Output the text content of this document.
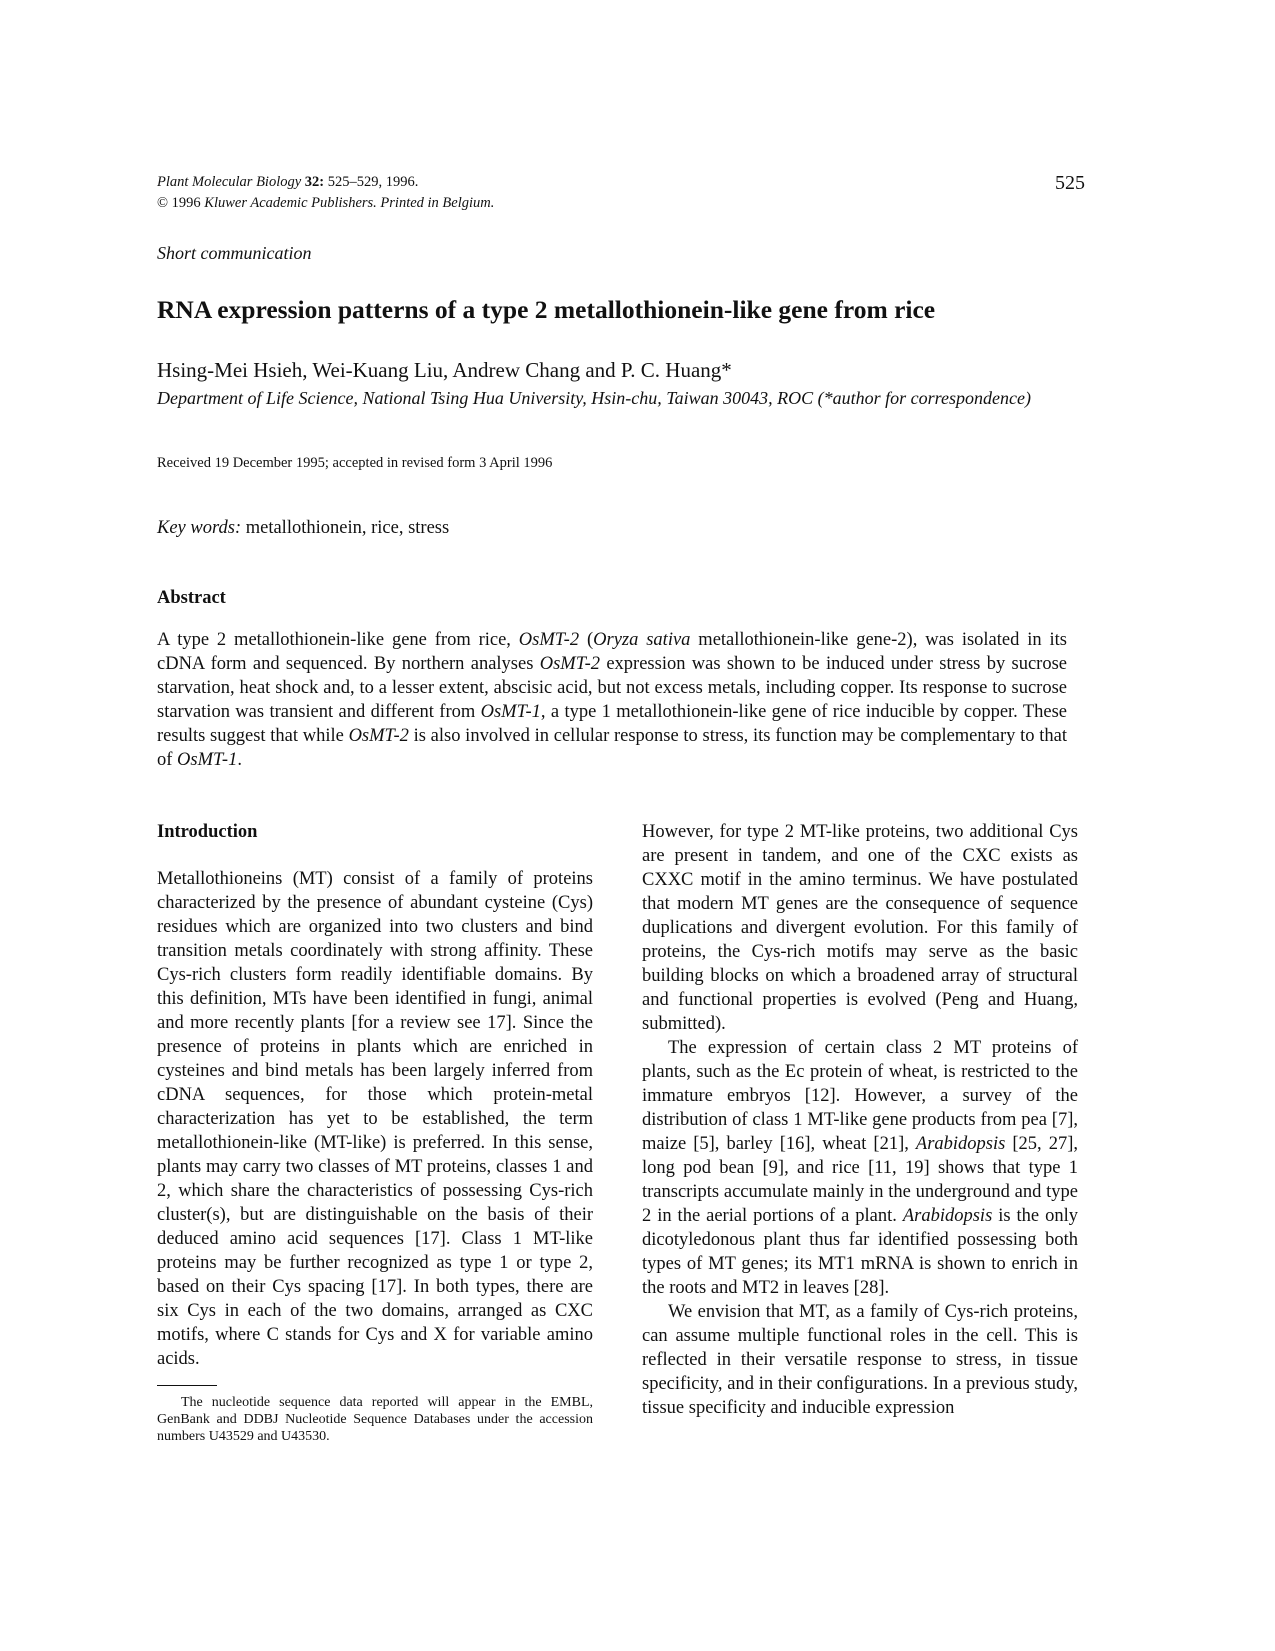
Plant Molecular Biology 32: 525–529, 1996.
© 1996 Kluwer Academic Publishers. Printed in Belgium.
525
Short communication
RNA expression patterns of a type 2 metallothionein-like gene from rice
Hsing-Mei Hsieh, Wei-Kuang Liu, Andrew Chang and P. C. Huang*
Department of Life Science, National Tsing Hua University, Hsin-chu, Taiwan 30043, ROC (*author for correspondence)
Received 19 December 1995; accepted in revised form 3 April 1996
Key words: metallothionein, rice, stress
Abstract

A type 2 metallothionein-like gene from rice, OsMT-2 (Oryza sativa metallothionein-like gene-2), was isolated in its cDNA form and sequenced. By northern analyses OsMT-2 expression was shown to be induced under stress by sucrose starvation, heat shock and, to a lesser extent, abscisic acid, but not excess metals, including copper. Its response to sucrose starvation was transient and different from OsMT-1, a type 1 metallothionein-like gene of rice inducible by copper. These results suggest that while OsMT-2 is also involved in cellular response to stress, its function may be complementary to that of OsMT-1.

Introduction

Metallothioneins (MT) consist of a family of proteins characterized by the presence of abundant cysteine (Cys) residues which are organized into two clusters and bind transition metals coordinately with strong affinity. These Cys-rich clusters form readily identifiable domains. By this definition, MTs have been identified in fungi, animal and more recently plants [for a review see 17]. Since the presence of proteins in plants which are enriched in cysteines and bind metals has been largely inferred from cDNA sequences, for those which protein-metal characterization has yet to be established, the term metallothionein-like (MT-like) is preferred. In this sense, plants may carry two classes of MT proteins, classes 1 and 2, which share the characteristics of possessing Cys-rich cluster(s), but are distinguishable on the basis of their deduced amino acid sequences [17]. Class 1 MT-like proteins may be further recognized as type 1 or type 2, based on their Cys spacing [17]. In both types, there are six Cys in each of the two domains, arranged as CXC motifs, where C stands for Cys and X for variable amino acids.

The nucleotide sequence data reported will appear in the EMBL, GenBank and DDBJ Nucleotide Sequence Databases under the accession numbers U43529 and U43530.

However, for type 2 MT-like proteins, two additional Cys are present in tandem, and one of the CXC exists as CXXC motif in the amino terminus. We have postulated that modern MT genes are the consequence of sequence duplications and divergent evolution. For this family of proteins, the Cys-rich motifs may serve as the basic building blocks on which a broadened array of structural and functional properties is evolved (Peng and Huang, submitted).

The expression of certain class 2 MT proteins of plants, such as the Ec protein of wheat, is restricted to the immature embryos [12]. However, a survey of the distribution of class 1 MT-like gene products from pea [7], maize [5], barley [16], wheat [21], Arabidopsis [25, 27], long pod bean [9], and rice [11, 19] shows that type 1 transcripts accumulate mainly in the underground and type 2 in the aerial portions of a plant. Arabidopsis is the only dicotyledonous plant thus far identified possessing both types of MT genes; its MT1 mRNA is shown to enrich in the roots and MT2 in leaves [28].

We envision that MT, as a family of Cys-rich proteins, can assume multiple functional roles in the cell. This is reflected in their versatile response to stress, in tissue specificity, and in their configurations. In a previous study, tissue specificity and inducible expression
